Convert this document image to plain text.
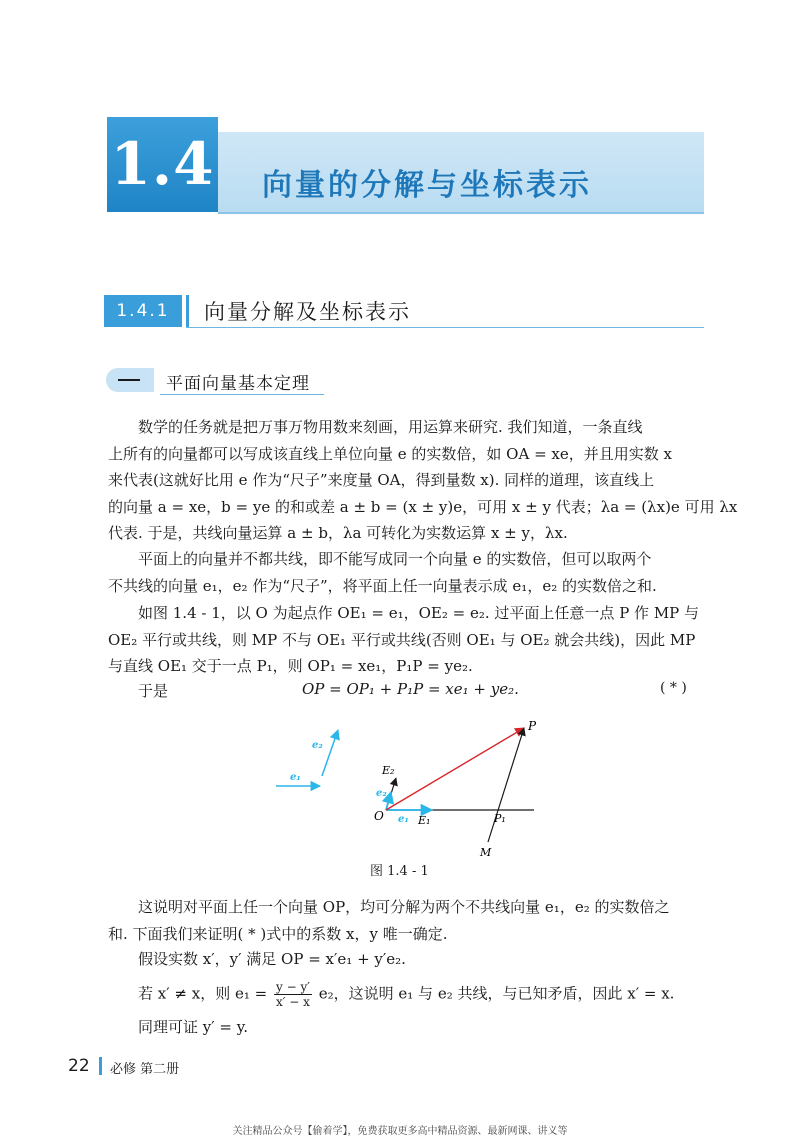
1.4 向量的分解与坐标表示
1.4.1	向量分解及坐标表示
平面向量基本定理
数学的任务就是把万事万物用数来刻画，用运算来研究. 我们知道，一条直线
上所有的向量都可以写成该直线上单位向量 e 的实数倍，如 OA = xe，并且用实数 x
来代表(这就好比用 e 作为“尺子”来度量 OA，得到量数 x). 同样的道理，该直线上
的向量 a = xe，b = ye 的和或差 a ± b = (x ± y)e，可用 x ± y 代表；λa = (λx)e 可用 λx
代表. 于是，共线向量运算 a ± b，λa 可转化为实数运算 x ± y，λx.
平面上的向量并不都共线，即不能写成同一个向量 e 的实数倍，但可以取两个
不共线的向量 e₁，e₂ 作为“尺子”，将平面上任一向量表示成 e₁，e₂ 的实数倍之和.
如图 1.4 - 1，以 O 为起点作 OE₁ = e₁，OE₂ = e₂. 过平面上任意一点 P 作 MP 与
OE₂ 平行或共线，则 MP 不与 OE₁ 平行或共线(否则 OE₁ 与 OE₂ 就会共线)，因此 MP
与直线 OE₁ 交于一点 P₁，则 OP₁ = xe₁，P₁P = ye₂.
于是	OP = OP₁ + P₁P = xe₁ + ye₂.	( * )
P
E₂
e₂
O e₁ E₁	P₁
M
e₂
e₁
图 1.4 - 1
这说明对平面上任一个向量 OP，均可分解为两个不共线向量 e₁，e₂ 的实数倍之
和. 下面我们来证明( * )式中的系数 x，y 唯一确定.
假设实数 x′，y′ 满足 OP = x′e₁ + y′e₂.
若 x′ ≠ x，则 $e_1 = \frac{y - y'}{x' - x} e_2$，这说明 e₁ 与 e₂ 共线，与已知矛盾，因此 x′ = x.
同理可证 y′ = y.
22 必修 第二册
关注精品公众号【偷着学】，免费获取更多高中精品资源、最新网课、讲义等
